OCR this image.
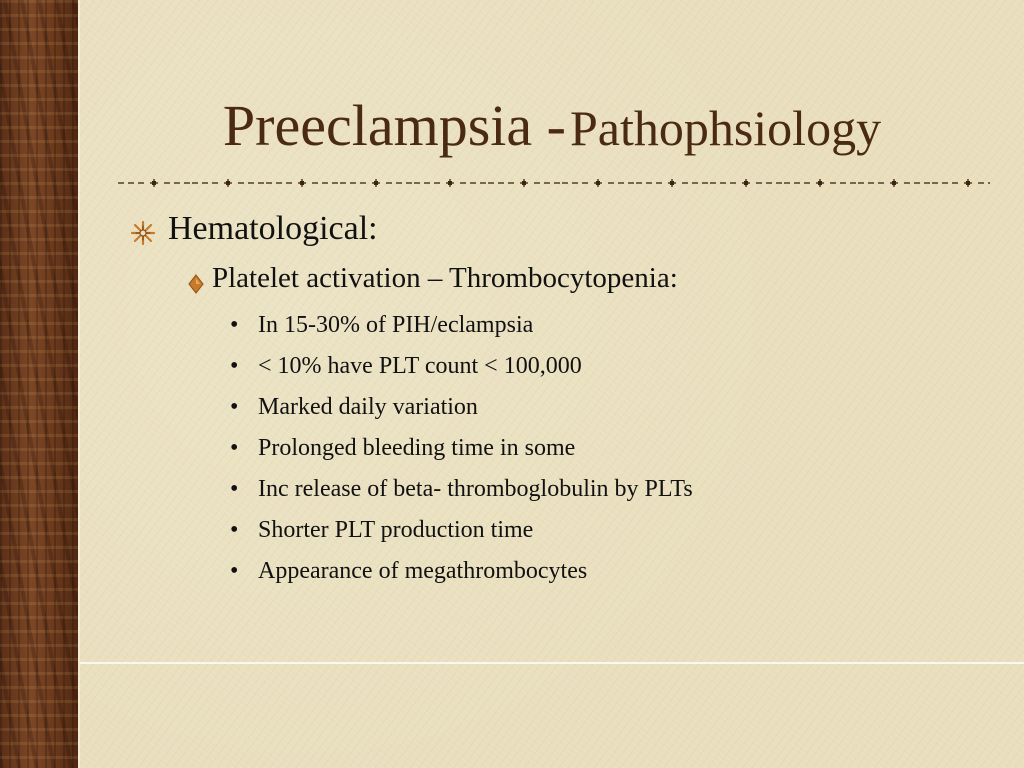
Preeclampsia - Pathophsiology
Hematological:
Platelet activation – Thrombocytopenia:
• In 15-30% of PIH/eclampsia
• < 10% have PLT count < 100,000
• Marked daily variation
• Prolonged bleeding time in some
• Inc release of beta- thromboglobulin by PLTs
• Shorter PLT production time
• Appearance of megathrombocytes
